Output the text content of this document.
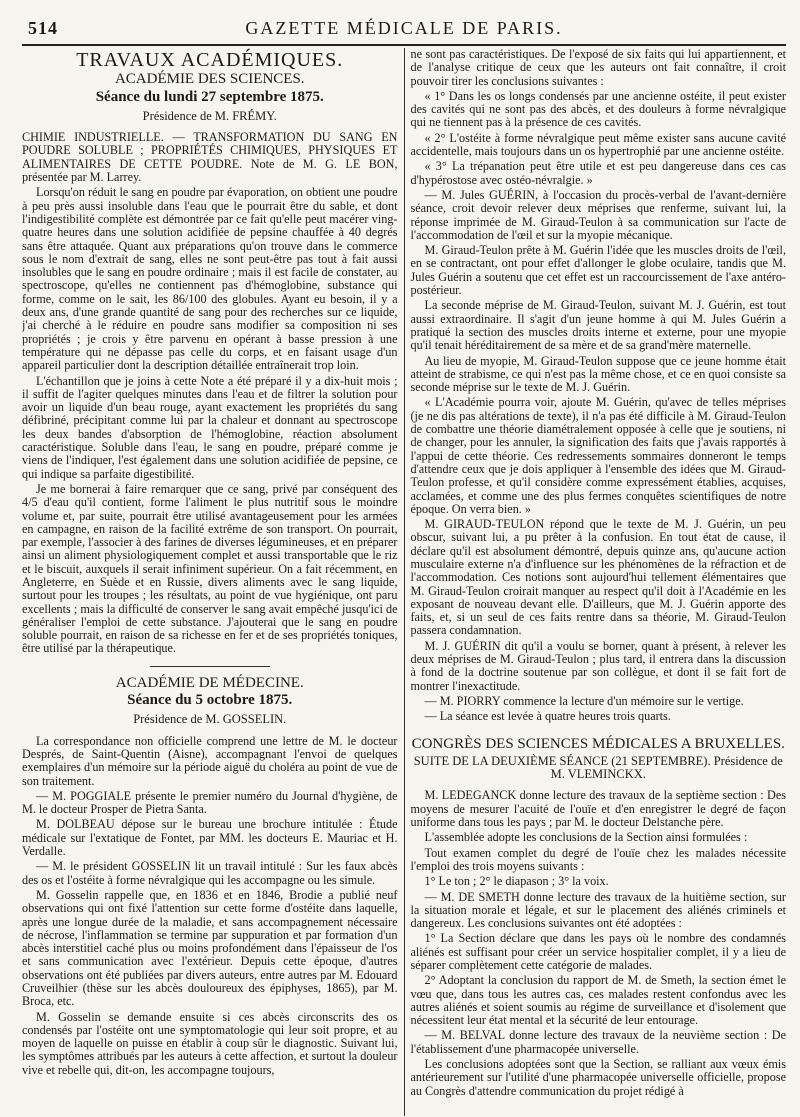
514	GAZETTE MÉDICALE DE PARIS.
TRAVAUX ACADÉMIQUES.
ACADÉMIE DES SCIENCES.
Séance du lundi 27 septembre 1875.
Présidence de M. FRÉMY.

CHIMIE INDUSTRIELLE. — TRANSFORMATION DU SANG EN POUDRE SOLUBLE ; PROPRIÉTÉS CHIMIQUES, PHYSIQUES ET ALIMENTAIRES DE CETTE POUDRE. Note de M. G. LE BON, présentée par M. Larrey.

Lorsqu'on réduit le sang en poudre par évaporation, on obtient une poudre à peu près aussi insoluble dans l'eau que le pourrait être du sable, et dont l'indigestibilité complète est démontrée par ce fait qu'elle peut macérer ving-quatre heures dans une solution acidifiée de pepsine chauffée à 40 degrés sans être attaquée. Quant aux préparations qu'on trouve dans le commerce sous le nom d'extrait de sang, elles ne sont peut-être pas tout à fait aussi insolubles que le sang en poudre ordinaire ; mais il est facile de constater, au spectroscope, qu'elles ne contiennent pas d'hémoglobine, substance qui forme, comme on le sait, les 86/100 des globules. Ayant eu besoin, il y a deux ans, d'une grande quantité de sang pour des recherches sur ce liquide, j'ai cherché à le réduire en poudre sans modifier sa composition ni ses propriétés ; je crois y être parvenu en opérant à basse pression à une température qui ne dépasse pas celle du corps, et en faisant usage d'un appareil particulier dont la description détaillée entraînerait trop loin.

L'échantillon que je joins à cette Note a été préparé il y a dix-huit mois ; il suffit de l'agiter quelques minutes dans l'eau et de filtrer la solution pour avoir un liquide d'un beau rouge, ayant exactement les propriétés du sang défibriné, précipitant comme lui par la chaleur et donnant au spectroscope les deux bandes d'absorption de l'hémoglobine, réaction absolument caractéristique. Soluble dans l'eau, le sang en poudre, préparé comme je viens de l'indiquer, l'est également dans une solution acidifiée de pepsine, ce qui indique sa parfaite digestibilité.

Je me bornerai à faire remarquer que ce sang, privé par conséquent des 4/5 d'eau qu'il contient, forme l'aliment le plus nutritif sous le moindre volume et, par suite, pourrait être utilisé avantageusement pour les armées en campagne, en raison de la facilité extrême de son transport. On pourrait, par exemple, l'associer à des farines de diverses légumineuses, et en préparer ainsi un aliment physiologiquement complet et aussi transportable que le riz et le biscuit, auxquels il serait infiniment supérieur. On a fait récemment, en Angleterre, en Suède et en Russie, divers aliments avec le sang liquide, surtout pour les troupes ; les résultats, au point de vue hygiénique, ont paru excellents ; mais la difficulté de conserver le sang avait empêché jusqu'ici de généraliser l'emploi de cette substance. J'ajouterai que le sang en poudre soluble pourrait, en raison de sa richesse en fer et de ses propriétés toniques, être utilisé par la thérapeutique.

ACADÉMIE DE MÉDECINE.
Séance du 5 octobre 1875.
Présidence de M. GOSSELIN.

La correspondance non officielle comprend une lettre de M. le docteur Després, de Saint-Quentin (Aisne), accompagnant l'envoi de quelques exemplaires d'un mémoire sur la période aiguë du choléra au point de vue de son traitement.

— M. POGGIALE présente le premier numéro du Journal d'hygiène, de M. le docteur Prosper de Pietra Santa.

M. DOLBEAU dépose sur le bureau une brochure intitulée : Étude médicale sur l'extatique de Fontet, par MM. les docteurs E. Mauriac et H. Verdalle.

— M. le président GOSSELIN lit un travail intitulé : Sur les faux abcès des os et l'ostéite à forme névralgique qui les accompagne ou les simule.

M. Gosselin rappelle que, en 1836 et en 1846, Brodie a publié neuf observations qui ont fixé l'attention sur cette forme d'ostéite dans laquelle, après une longue durée de la maladie, et sans accompagnement nécessaire de nécrose, l'inflammation se termine par suppuration et par formation d'un abcès interstitiel caché plus ou moins profondément dans l'épaisseur de l'os et sans communication avec l'extérieur. Depuis cette époque, d'autres observations ont été publiées par divers auteurs, entre autres par M. Edouard Cruveilhier (thèse sur les abcès douloureux des épiphyses, 1865), par M. Broca, etc.

M. Gosselin se demande ensuite si ces abcès circonscrits des os condensés par l'ostéite ont une symptomatologie qui leur soit propre, et au moyen de laquelle on puisse en établir à coup sûr le diagnostic. Suivant lui, les symptômes attribués par les auteurs à cette affection, et surtout la douleur vive et rebelle qui, dit-on, les accompagne toujours,

ne sont pas caractéristiques. De l'exposé de six faits qui lui appartiennent, et de l'analyse critique de ceux que les auteurs ont fait connaître, il croit pouvoir tirer les conclusions suivantes :

« 1° Dans les os longs condensés par une ancienne ostéite, il peut exister des cavités qui ne sont pas des abcès, et des douleurs à forme névralgique qui ne tiennent pas à la présence de ces cavités.

« 2° L'ostéite à forme névralgique peut même exister sans aucune cavité accidentelle, mais toujours dans un os hypertrophié par une ancienne ostéite.

« 3° La trépanation peut être utile et est peu dangereuse dans ces cas d'hypérostose avec ostéo-névralgie. »

— M. Jules GUÉRIN, à l'occasion du procès-verbal de l'avant-dernière séance, croit devoir relever deux méprises que renferme, suivant lui, la réponse imprimée de M. Giraud-Teulon à sa communication sur l'acte de l'accommodation de l'œil et sur la myopie mécanique.

M. Giraud-Teulon prête à M. Guérin l'idée que les muscles droits de l'œil, en se contractant, ont pour effet d'allonger le globe oculaire, tandis que M. Jules Guérin a soutenu que cet effet est un raccourcissement de l'axe antéro-postérieur.

La seconde méprise de M. Giraud-Teulon, suivant M. J. Guérin, est tout aussi extraordinaire. Il s'agit d'un jeune homme à qui M. Jules Guérin a pratiqué la section des muscles droits interne et externe, pour une myopie qu'il tenait héréditairement de sa mère et de sa grand'mère maternelle.

Au lieu de myopie, M. Giraud-Teulon suppose que ce jeune homme était atteint de strabisme, ce qui n'est pas la même chose, et ce en quoi consiste sa seconde méprise sur le texte de M. J. Guérin.

« L'Académie pourra voir, ajoute M. Guérin, qu'avec de telles méprises (je ne dis pas altérations de texte), il n'a pas été difficile à M. Giraud-Teulon de combattre une théorie diamétralement opposée à celle que je soutiens, ni de changer, pour les annuler, la signification des faits que j'avais rapportés à l'appui de cette théorie. Ces redressements sommaires donneront le temps d'attendre ceux que je dois appliquer à l'ensemble des idées que M. Giraud-Teulon professe, et qu'il considère comme expressément établies, acquises, acclamées, et comme une des plus fermes conquêtes scientifiques de notre époque. On verra bien. »

M. GIRAUD-TEULON répond que le texte de M. J. Guérin, un peu obscur, suivant lui, a pu prêter à la confusion. En tout état de cause, il déclare qu'il est absolument démontré, depuis quinze ans, qu'aucune action musculaire externe n'a d'influence sur les phénomènes de la réfraction et de l'accommodation. Ces notions sont aujourd'hui tellement élémentaires que M. Giraud-Teulon croirait manquer au respect qu'il doit à l'Académie en les exposant de nouveau devant elle. D'ailleurs, que M. J. Guérin apporte des faits, et, si un seul de ces faits rentre dans sa théorie, M. Giraud-Teulon passera condamnation.

M. J. GUÉRIN dit qu'il a voulu se borner, quant à présent, à relever les deux méprises de M. Giraud-Teulon ; plus tard, il entrera dans la discussion à fond de la doctrine soutenue par son collègue, et dont il se fait fort de montrer l'inexactitude.

— M. PIORRY commence la lecture d'un mémoire sur le vertige.

— La séance est levée à quatre heures trois quarts.

CONGRÈS DES SCIENCES MÉDICALES A BRUXELLES.
SUITE DE LA DEUXIÈME SÉANCE (21 SEPTEMBRE). Présidence de M. VLEMINCKX.

M. LEDEGANCK donne lecture des travaux de la septième section : Des moyens de mesurer l'acuité de l'ouïe et d'en enregistrer le degré de façon uniforme dans tous les pays ; par M. le docteur Delstanche père.

L'assemblée adopte les conclusions de la Section ainsi formulées :

Tout examen complet du degré de l'ouïe chez les malades nécessite l'emploi des trois moyens suivants :

1° Le ton ; 2° le diapason ; 3° la voix.

— M. DE SMETH donne lecture des travaux de la huitième section, sur la situation morale et légale, et sur le placement des aliénés criminels et dangereux. Les conclusions suivantes ont été adoptées :

1° La Section déclare que dans les pays où le nombre des condamnés aliénés est suffisant pour créer un service hospitalier complet, il y a lieu de séparer complètement cette catégorie de malades.

2° Adoptant la conclusion du rapport de M. de Smeth, la section émet le vœu que, dans tous les autres cas, ces malades restent confondus avec les autres aliénés et soient soumis au régime de surveillance et d'isolement que nécessitent leur état mental et la sécurité de leur entourage.

— M. BELVAL donne lecture des travaux de la neuvième section : De l'établissement d'une pharmacopée universelle.

Les conclusions adoptées sont que la Section, se ralliant aux vœux émis antérieurement sur l'utilité d'une pharmacopée universelle officielle, propose au Congrès d'attendre communication du projet rédigé à
